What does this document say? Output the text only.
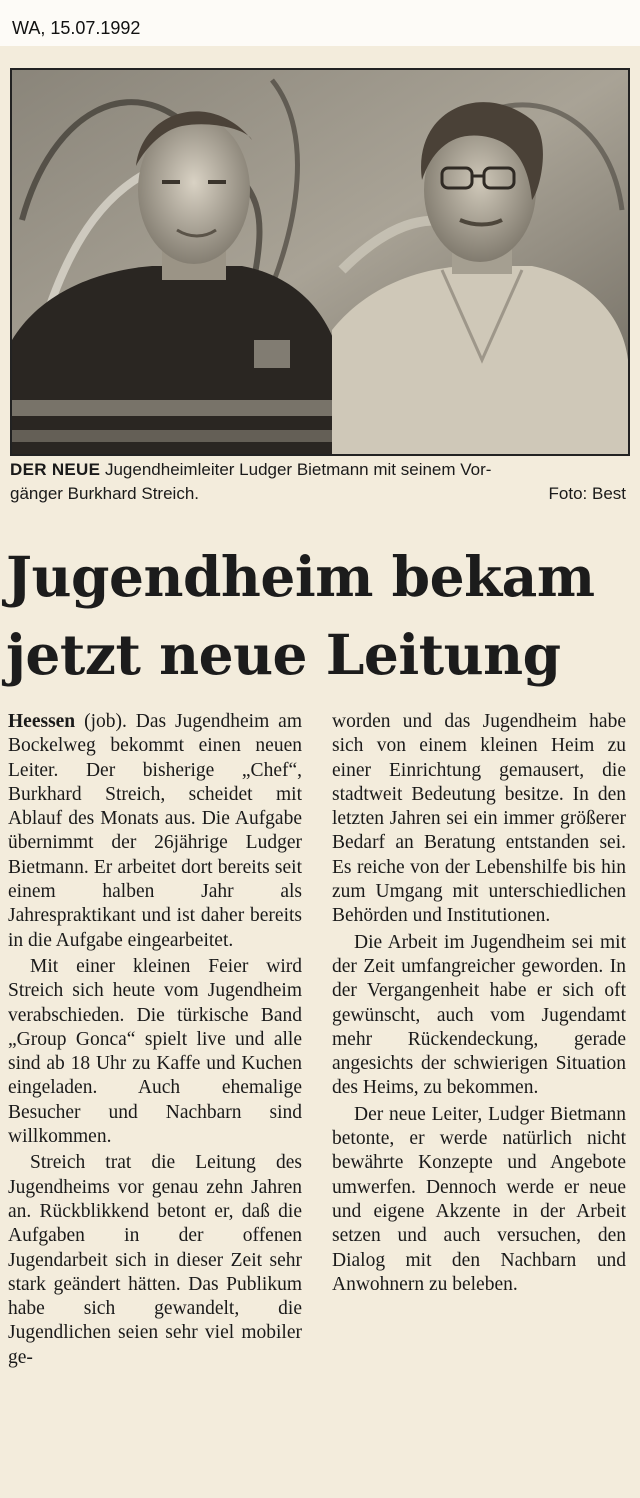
WA, 15.07.1992
DER NEUE Jugendheimleiter Ludger Bietmann mit seinem Vor-
gänger Burkhard Streich.	Foto: Best
Jugendheim bekam
jetzt neue Leitung

Heessen (job). Das Jugendheim am Bockelweg bekommt einen neuen Leiter. Der bisherige „Chef“, Burkhard Streich, scheidet mit Ablauf des Monats aus. Die Aufgabe übernimmt der 26jährige Ludger Bietmann. Er arbeitet dort bereits seit einem halben Jahr als Jahrespraktikant und ist daher bereits in die Aufgabe eingearbeitet.

Mit einer kleinen Feier wird Streich sich heute vom Jugendheim verabschieden. Die türkische Band „Group Gonca“ spielt live und alle sind ab 18 Uhr zu Kaffe und Kuchen eingeladen. Auch ehemalige Besucher und Nachbarn sind willkommen.

Streich trat die Leitung des Jugendheims vor genau zehn Jahren an. Rückblikkend betont er, daß die Aufgaben in der offenen Jugendarbeit sich in dieser Zeit sehr stark geändert hätten. Das Publikum habe sich gewandelt, die Jugendlichen seien sehr viel mobiler ge-

worden und das Jugendheim habe sich von einem kleinen Heim zu einer Einrichtung gemausert, die stadtweit Bedeutung besitze. In den letzten Jahren sei ein immer größerer Bedarf an Beratung entstanden sei. Es reiche von der Lebenshilfe bis hin zum Umgang mit unterschiedlichen Behörden und Institutionen.

Die Arbeit im Jugendheim sei mit der Zeit umfangreicher geworden. In der Vergangenheit habe er sich oft gewünscht, auch vom Jugendamt mehr Rückendeckung, gerade angesichts der schwierigen Situation des Heims, zu bekommen.

Der neue Leiter, Ludger Bietmann betonte, er werde natürlich nicht bewährte Konzepte und Angebote umwerfen. Dennoch werde er neue und eigene Akzente in der Arbeit setzen und auch versuchen, den Dialog mit den Nachbarn und Anwohnern zu beleben.
